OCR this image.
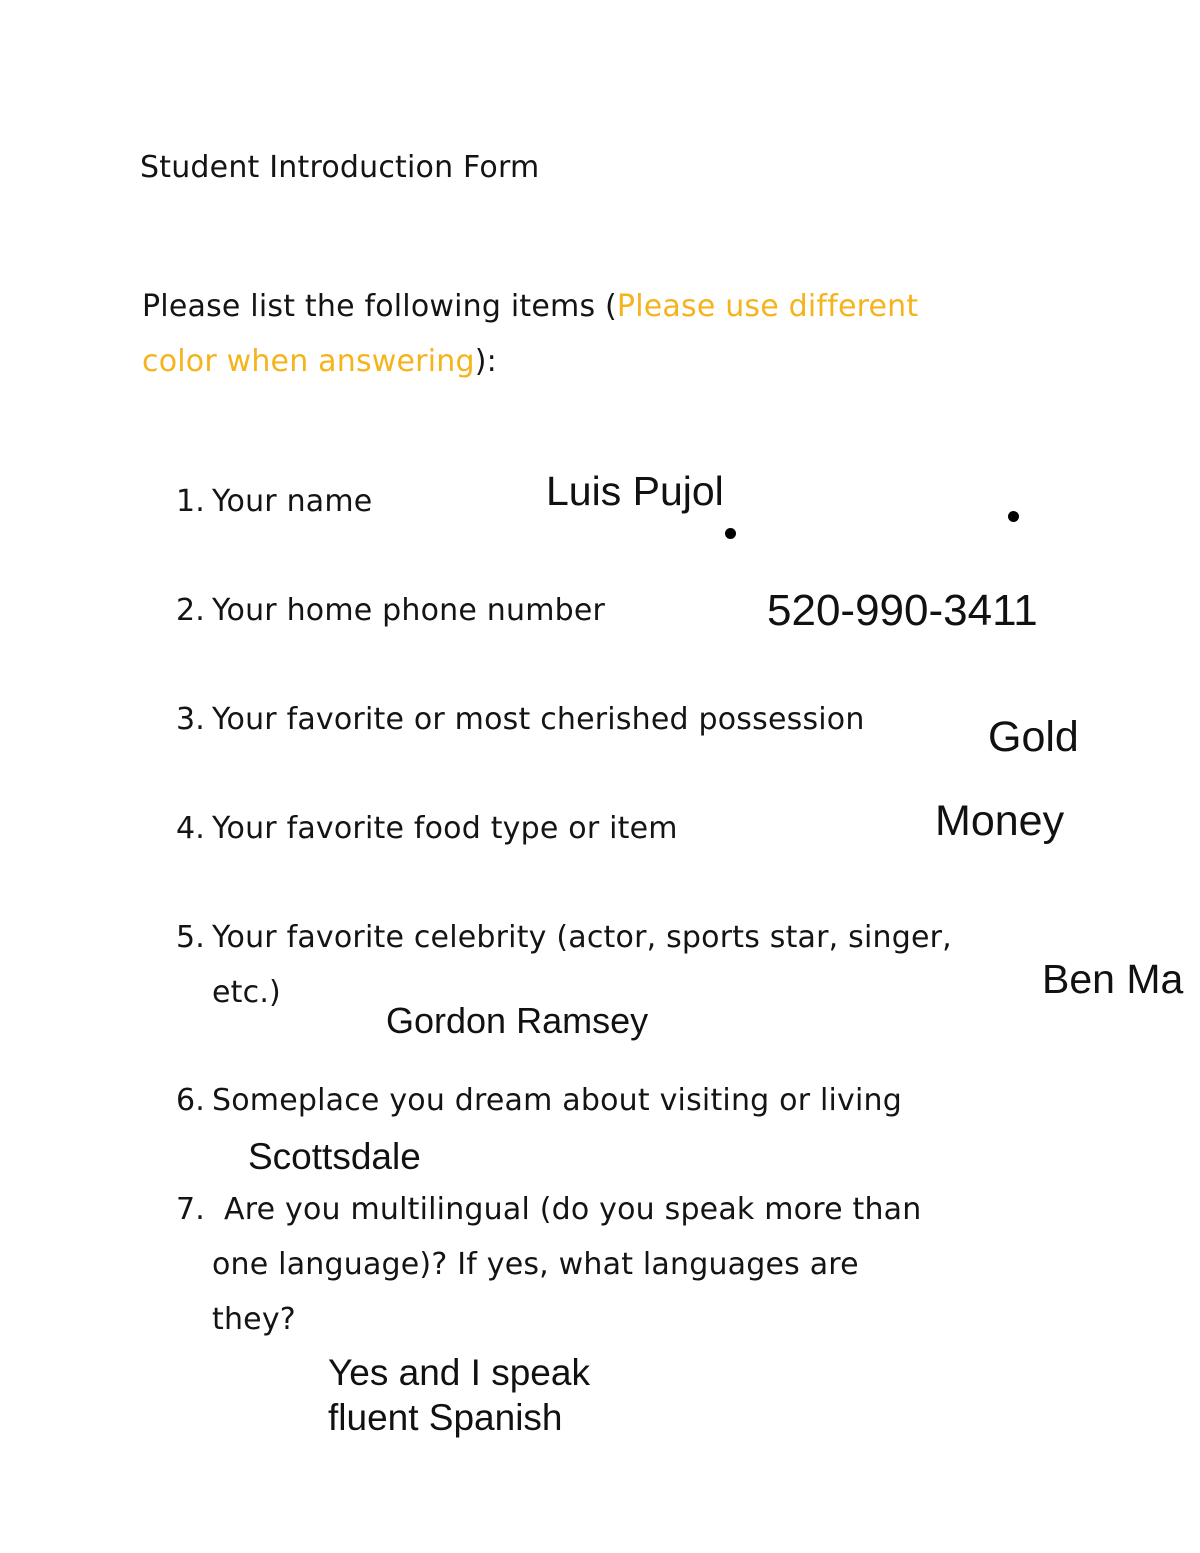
Student Introduction Form
Please list the following items (Please use different
color when answering):
1. Your name	Luis Pujol
2. Your home phone number	520-990-3411
3. Your favorite or most cherished possession	Gold
4. Your favorite food type or item	Money
5. Your favorite celebrity (actor, sports star, singer,
etc.)	Ben Ma
Gordon Ramsey
6. Someplace you dream about visiting or living
Scottsdale
7. Are you multilingual (do you speak more than
one language)? If yes, what languages are
they?
Yes and I speak
fluent Spanish
